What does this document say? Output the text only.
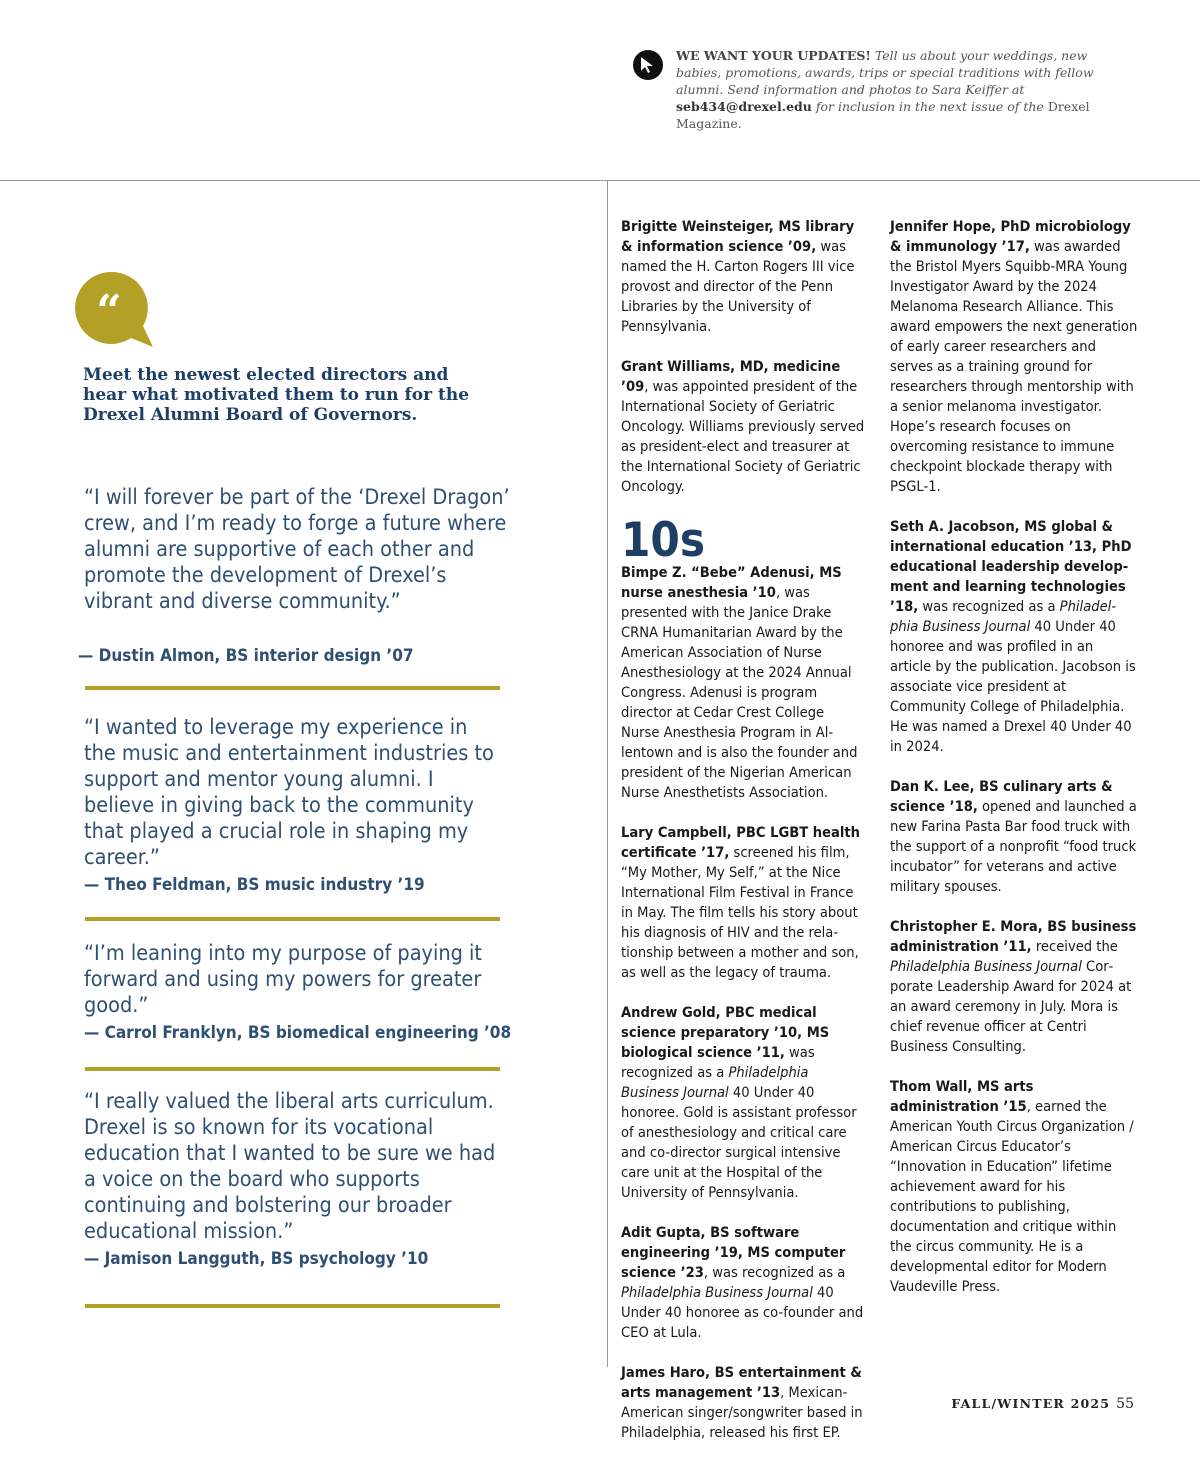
WE WANT YOUR UPDATES! Tell us about your weddings, new babies, promotions, awards, trips or special traditions with fellow alumni. Send information and photos to Sara Keiffer at seb434@drexel.edu for inclusion in the next issue of the Drexel Magazine.
“
Meet the newest elected directors and hear what motivated them to run for the Drexel Alumni Board of Governors.
“I will forever be part of the ‘Drexel Dragon’ crew, and I’m ready to forge a future where alumni are supportive of each other and promote the development of Drexel’s vibrant and diverse community.”
— Dustin Almon, BS interior design ’07
“I wanted to leverage my experience in the music and entertainment industries to support and mentor young alumni. I believe in giving back to the community that played a crucial role in shaping my career.”
— Theo Feldman, BS music industry ’19
“I’m leaning into my purpose of paying it forward and using my powers for greater good.”
— Carrol Franklyn, BS biomedical engineering ’08
“I really valued the liberal arts curriculum. Drexel is so known for its vocational education that I wanted to be sure we had a voice on the board who supports continuing and bolstering our broader educational mission.”
— Jamison Langguth, BS psychology ’10

Brigitte Weinsteiger, MS library & information science ’09, was named the H. Carton Rogers III vice provost and director of the Penn Libraries by the University of Pennsylvania.

Grant Williams, MD, medicine ’09, was appointed president of the International Society of Geriatric Oncology. Williams previously served as president-elect and treasurer at the International Society of Geriatric Oncology.

10s

Bimpe Z. “Bebe” Adenusi, MS nurse anesthesia ’10, was presented with the Janice Drake CRNA Humanitarian Award by the American Association of Nurse Anesthesiology at the 2024 Annual Congress. Adenusi is program director at Cedar Crest College Nurse Anesthesia Program in Allentown and is also the founder and president of the Nigerian American Nurse Anesthetists Association.

Lary Campbell, PBC LGBT health certificate ’17, screened his film, “My Mother, My Self,” at the Nice International Film Festival in France in May. The film tells his story about his diagnosis of HIV and the relationship between a mother and son, as well as the legacy of trauma.

Andrew Gold, PBC medical science preparatory ’10, MS biological science ’11, was recognized as a Philadelphia Business Journal 40 Under 40 honoree. Gold is assistant professor of anesthesiology and critical care and co-director surgical intensive care unit at the Hospital of the University of Pennsylvania.

Adit Gupta, BS software engineering ’19, MS computer science ’23, was recognized as a Philadelphia Business Journal 40 Under 40 honoree as co-founder and CEO at Lula.

James Haro, BS entertainment & arts management ’13, Mexican-American singer/songwriter based in Philadelphia, released his first EP.

Jennifer Hope, PhD microbiology & immunology ’17, was awarded the Bristol Myers Squibb-MRA Young Investigator Award by the 2024 Melanoma Research Alliance. This award empowers the next generation of early career researchers and serves as a training ground for researchers through mentorship with a senior melanoma investigator. Hope’s research focuses on overcoming resistance to immune checkpoint blockade therapy with PSGL-1.

Seth A. Jacobson, MS global & international education ’13, PhD educational leadership development and learning technologies ’18, was recognized as a Philadelphia Business Journal 40 Under 40 honoree and was profiled in an article by the publication. Jacobson is associate vice president at Community College of Philadelphia. He was named a Drexel 40 Under 40 in 2024.

Dan K. Lee, BS culinary arts & science ’18, opened and launched a new Farina Pasta Bar food truck with the support of a nonprofit “food truck incubator” for veterans and active military spouses.

Christopher E. Mora, BS business administration ’11, received the Philadelphia Business Journal Corporate Leadership Award for 2024 at an award ceremony in July. Mora is chief revenue officer at Centri Business Consulting.

Thom Wall, MS arts administration ’15, earned the American Youth Circus Organization / American Circus Educator’s “Innovation in Education” lifetime achievement award for his contributions to publishing, documentation and critique within the circus community. He is a developmental editor for Modern Vaudeville Press.

FALL/WINTER 2025 55
